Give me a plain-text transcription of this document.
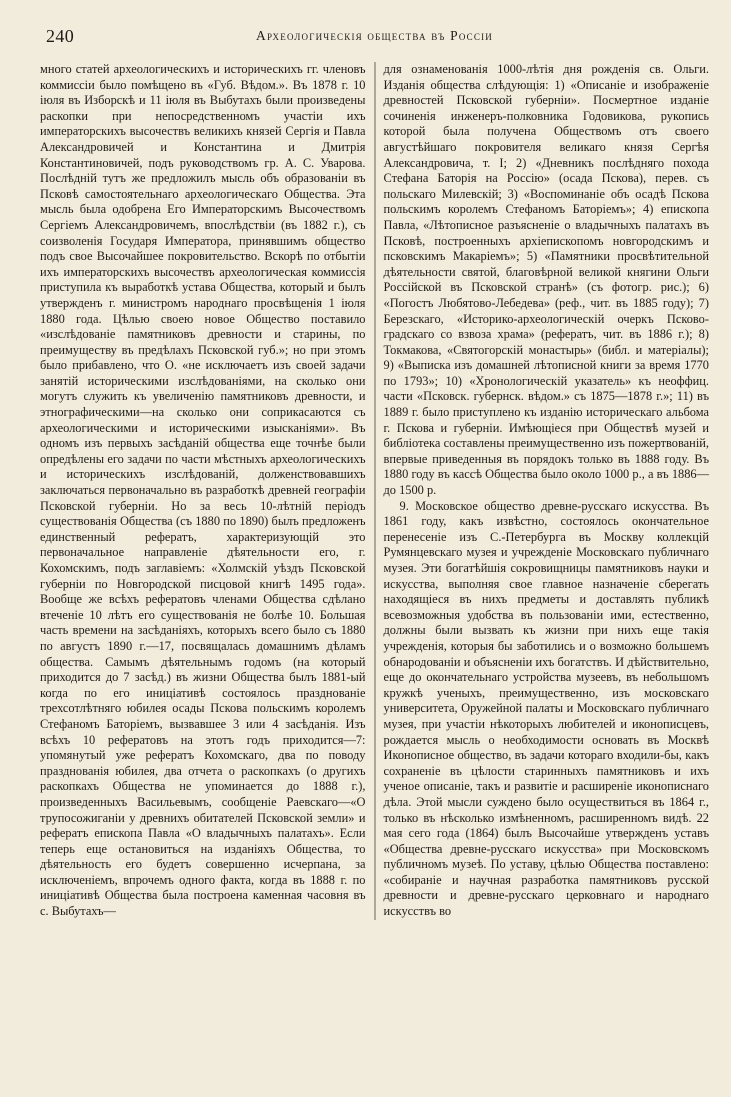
240	Археологическія общества въ Россіи

много статей археологическихъ и историческихъ гг. членовъ коммиссіи было помѣщено въ «Губ. Вѣдом.». Въ 1878 г. 10 іюля въ Изборскѣ и 11 іюля въ Выбутахъ были произведены раскопки при непосредственномъ участіи ихъ императорскихъ высочествъ великихъ князей Сергія и Павла Александровичей и Константина и Дмитрія Константиновичей, подъ руководствомъ гр. А. С. Уварова. Послѣдній тутъ же предложилъ мысль объ образованіи въ Псковѣ самостоятельнаго археологическаго Общества. Эта мысль была одобрена Его Императорскимъ Высочествомъ Сергіемъ Александровичемъ, впослѣдствіи (въ 1882 г.), съ соизволенія Государя Императора, принявшимъ общество подъ свое Высочайшее покровительство. Вскорѣ по отбытіи ихъ императорскихъ высочествъ археологическая коммиссія приступила къ выработкѣ устава Общества, который и былъ утвержденъ г. министромъ народнаго просвѣщенія 1 іюля 1880 года. Цѣлью своею новое Общество поставило «изслѣдованіе памятниковъ древности и старины, по преимуществу въ предѣлахъ Псковской губ.»; но при этомъ было прибавлено, что О. «не исключаетъ изъ своей задачи занятій историческими изслѣдованіями, на сколько они могутъ служить къ увеличенію памятниковъ древности, и этнографическими—на сколько они соприкасаются съ археологическими и историческими изысканіями». Въ одномъ изъ первыхъ засѣданій общества еще точнѣе были опредѣлены его задачи по части мѣстныхъ археологическихъ и историческихъ изслѣдованій, долженствовавшихъ заключаться первоначально въ разработкѣ древней географіи Псковской губерніи. Но за весь 10-лѣтній періодъ существованія Общества (съ 1880 по 1890) былъ предложенъ единственный рефератъ, характеризующій это первоначальное направленіе дѣятельности его, г. Кохомскимъ, подъ заглавіемъ: «Холмскій уѣздъ Псковской губерніи по Новгородской писцовой книгѣ 1495 года». Вообще же всѣхъ рефератовъ членами Общества сдѣлано втеченіе 10 лѣтъ его существованія не болѣе 10. Большая часть времени на засѣданіяхъ, которыхъ всего было съ 1880 по августъ 1890 г.—17, посвящалась домашнимъ дѣламъ общества. Самымъ дѣятельнымъ годомъ (на который приходится до 7 засѣд.) въ жизни Общества былъ 1881-ый когда по его иниціативѣ состоялось празднованіе трехсотлѣтняго юбилея осады Пскова польскимъ королемъ Стефаномъ Баторіемъ, вызвавшее 3 или 4 засѣданія. Изъ всѣхъ 10 рефератовъ на этотъ годъ приходится—7: упомянутый уже рефератъ Кохомскаго, два по поводу празднованія юбилея, два отчета о раскопкахъ (о другихъ раскопкахъ Общества не упоминается до 1888 г.), произведенныхъ Васильевымъ, сообщеніе Раевскаго—«О трупосожиганіи у древнихъ обитателей Псковской земли» и рефератъ епископа Павла «О владычныхъ палатахъ». Если теперь еще остановиться на изданіяхъ Общества, то дѣятельность его будетъ совершенно исчерпана, за исключеніемъ, впрочемъ одного факта, когда въ 1888 г. по иниціативѣ Общества была построена каменная часовня въ с. Выбутахъ—

для ознаменованія 1000-лѣтія дня рожденія св. Ольги. Изданія общества слѣдующія: 1) «Описаніе и изображеніе древностей Псковской губерніи». Посмертное изданіе сочиненія инженеръ-полковника Годовикова, рукопись которой была получена Обществомъ отъ своего августѣйшаго покровителя великаго князя Сергѣя Александровича, т. I; 2) «Дневникъ послѣдняго похода Стефана Баторія на Россію» (осада Пскова), перев. съ польскаго Милевскій; 3) «Воспоминаніе объ осадѣ Пскова польскимъ королемъ Стефаномъ Баторіемъ»; 4) епископа Павла, «Лѣтописное разъясненіе о владычныхъ палатахъ въ Псковѣ, построенныхъ архіепископомъ новгородскимъ и псковскимъ Макаріемъ»; 5) «Памятники просвѣтительной дѣятельности святой, благовѣрной великой княгини Ольги Россійской въ Псковской странѣ» (съ фотогр. рис.); 6) «Погостъ Любятово-Лебедева» (реф., чит. въ 1885 году); 7) Березскаго, «Историко-археологическій очеркъ Псково-градскаго со взвоза храма» (рефератъ, чит. въ 1886 г.); 8) Токмакова, «Святогорскій монастырь» (библ. и матеріалы); 9) «Выписка изъ домашней лѣтописной книги за время 1770 по 1793»; 10) «Хронологическій указатель» къ неоффиц. части «Псковск. губернск. вѣдом.» съ 1875—1878 г.»; 11) въ 1889 г. было приступлено къ изданію историческаго альбома г. Пскова и губерніи. Имѣющіеся при Обществѣ музей и библіотека составлены преимущественно изъ пожертвованій, впервые приведенныя въ порядокъ только въ 1888 году. Въ 1880 году въ кассѣ Общества было около 1000 р., а въ 1886—до 1500 р.

9. Московское общество древне-русскаго искусства. Въ 1861 году, какъ извѣстно, состоялось окончательное перенесеніе изъ С.-Петербурга въ Москву коллекцій Румянцевскаго музея и учрежденіе Московскаго публичнаго музея. Эти богатѣйшія сокровищницы памятниковъ науки и искусства, выполняя свое главное назначеніе сберегать находящіеся въ нихъ предметы и доставлять публикѣ всевозможныя удобства въ пользованіи ими, естественно, должны были вызвать къ жизни при нихъ еще такія учрежденія, которыя бы заботились и о возможно большемъ обнародованіи и объясненіи ихъ богатствъ. И дѣйствительно, еще до окончательнаго устройства музеевъ, въ небольшомъ кружкѣ ученыхъ, преимущественно, изъ московскаго университета, Оружейной палаты и Московскаго публичнаго музея, при участіи нѣкоторыхъ любителей и иконописцевъ, рождается мысль о необходимости основать въ Москвѣ Иконописное общество, въ задачи котораго входили-бы, какъ сохраненіе въ цѣлости старинныхъ памятниковъ и ихъ ученое описаніе, такъ и развитіе и расширеніе иконописнаго дѣла. Этой мысли суждено было осуществиться въ 1864 г., только въ нѣсколько измѣненномъ, расширенномъ видѣ. 22 мая сего года (1864) былъ Высочайше утвержденъ уставъ «Общества древне-русскаго искусства» при Московскомъ публичномъ музеѣ. По уставу, цѣлью Общества поставлено: «собираніе и научная разработка памятниковъ русской древности и древне-русскаго церковнаго и народнаго искусствъ во
